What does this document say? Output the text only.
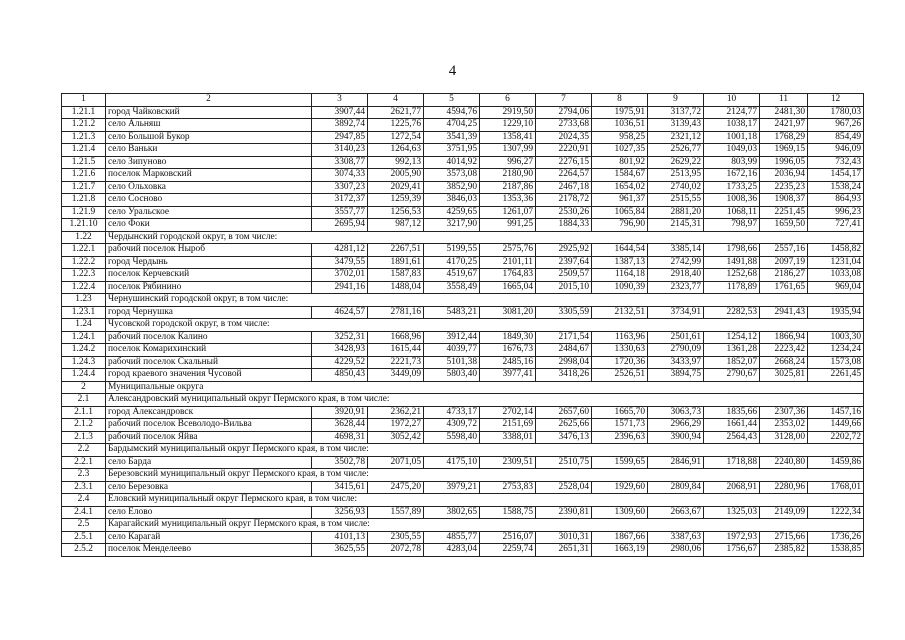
4
1	2	3	4	5	6	7	8	9	10	11	12
1.21.1	город Чайковский	3907,44	2621,77	4594,76	2919,50	2794,06	1975,91	3137,72	2124,77	2481,30	1780,03
1.21.2	село Альняш	3892,74	1225,76	4704,25	1229,10	2733,68	1036,51	3139,43	1038,17	2421,97	967,26
1.21.3	село Большой Букор	2947,85	1272,54	3541,39	1358,41	2024,35	958,25	2321,12	1001,18	1768,29	854,49
1.21.4	село Ваньки	3140,23	1264,63	3751,95	1307,99	2220,91	1027,35	2526,77	1049,03	1969,15	946,09
1.21.5	село Зипуново	3308,77	992,13	4014,92	996,27	2276,15	801,92	2629,22	803,99	1996,05	732,43
1.21.6	поселок Марковский	3074,33	2005,90	3573,08	2180,90	2264,57	1584,67	2513,95	1672,16	2036,94	1454,17
1.21.7	село Ольховка	3307,23	2029,41	3852,90	2187,86	2467,18	1654,02	2740,02	1733,25	2235,23	1538,24
1.21.8	село Сосново	3172,37	1259,39	3846,03	1353,36	2178,72	961,37	2515,55	1008,36	1908,37	864,93
1.21.9	село Уральское	3557,77	1256,53	4259,65	1261,07	2530,26	1065,84	2881,20	1068,11	2251,45	996,23
1.21.10	село Фоки	2695,94	987,12	3217,90	991,25	1884,33	796,90	2145,31	798,97	1659,50	727,41
1.22	Чердынский городской округ, в том числе:										
1.22.1	рабочий поселок Ныроб	4281,12	2267,51	5199,55	2575,76	2925,92	1644,54	3385,14	1798,66	2557,16	1458,82
1.22.2	город Чердынь	3479,55	1891,61	4170,25	2101,11	2397,64	1387,13	2742,99	1491,88	2097,19	1231,04
1.22.3	поселок Керчевский	3702,01	1587,83	4519,67	1764,83	2509,57	1164,18	2918,40	1252,68	2186,27	1033,08
1.22.4	поселок Рябинино	2941,16	1488,04	3558,49	1665,04	2015,10	1090,39	2323,77	1178,89	1761,65	969,04
1.23	Чернушинский городской округ, в том числе:										
1.23.1	город Чернушка	4624,57	2781,16	5483,21	3081,20	3305,59	2132,51	3734,91	2282,53	2941,43	1935,94
1.24	Чусовской городской округ, в том числе:										
1.24.1	рабочий поселок Калино	3252,31	1668,96	3912,44	1849,30	2171,54	1163,96	2501,61	1254,12	1866,94	1003,30
1.24.2	поселок Комарихинский	3428,93	1615,44	4039,77	1676,73	2484,67	1330,63	2790,09	1361,28	2223,42	1234,24
1.24.3	рабочий поселок Скальный	4229,52	2221,73	5101,38	2485,16	2998,04	1720,36	3433,97	1852,07	2668,24	1573,08
1.24.4	город краевого значения Чусовой	4850,43	3449,09	5803,40	3977,41	3418,26	2526,51	3894,75	2790,67	3025,81	2261,45
2	Муниципальные округа										
2.1	Александровский муниципальный округ Пермского края, в том числе:										
2.1.1	город Александровск	3920,91	2362,21	4733,17	2702,14	2657,60	1665,70	3063,73	1835,66	2307,36	1457,16
2.1.2	рабочий поселок Всеволодо-Вильва	3628,44	1972,27	4309,72	2151,69	2625,66	1571,73	2966,29	1661,44	2353,02	1449,66
2.1.3	рабочий поселок Яйва	4698,31	3052,42	5598,40	3388,01	3476,13	2396,63	3900,94	2564,43	3128,00	2202,72
2.2	Бардымский муниципальный округ Пермского края, в том числе:										
2.2.1	село Барда	3502,78	2071,05	4175,10	2309,51	2510,75	1599,65	2846,91	1718,88	2240,80	1459,86
2.3	Березовский муниципальный округ Пермского края, в том числе:										
2.3.1	село Березовка	3415,61	2475,20	3979,21	2753,83	2528,04	1929,60	2809,84	2068,91	2280,96	1768,01
2.4	Еловский муниципальный округ Пермского края, в том числе:										
2.4.1	село Елово	3256,93	1557,89	3802,65	1588,75	2390,81	1309,60	2663,67	1325,03	2149,09	1222,34
2.5	Карагайский муниципальный округ Пермского края, в том числе:										
2.5.1	село Карагай	4101,13	2305,55	4855,77	2516,07	3010,31	1867,66	3387,63	1972,93	2715,66	1736,26
2.5.2	поселок Менделеево	3625,55	2072,78	4283,04	2259,74	2651,31	1663,19	2980,06	1756,67	2385,82	1538,85
